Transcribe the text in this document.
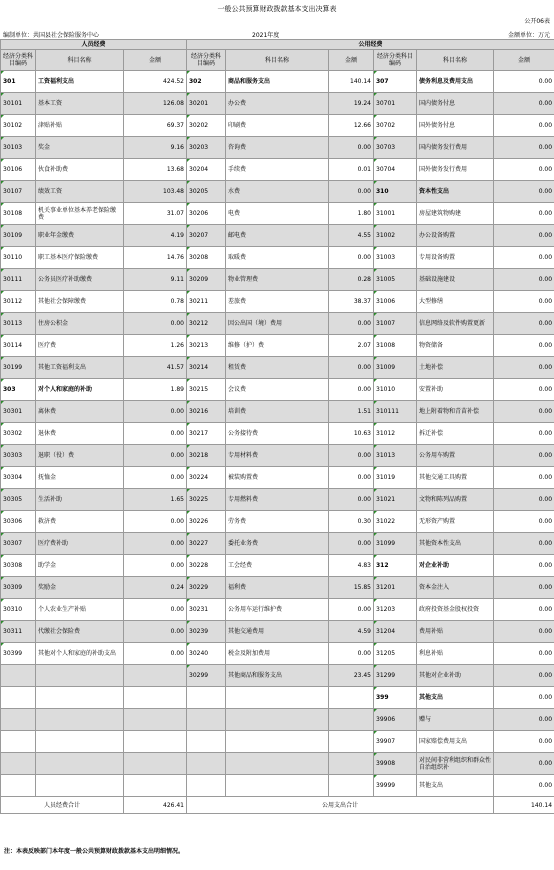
一般公共预算财政拨款基本支出决算表
公开06表
编制单位：共国县社会保险服务中心	2021年度	金额单位：万元
人员经费			公用经费					
经济分类科目编码	科目名称	金额	经济分类科目编码	科目名称	金额	经济分类科目编码	科目名称	金额
301	工资福利支出	424.52	302	商品和服务支出	140.14	307	债务利息及费用支出	0.00
30101	基本工资	126.08	30201	办公费	19.24	30701	国内债务付息	0.00
30102	津贴补贴	69.37	30202	印刷费	12.66	30702	国外债务付息	0.00
30103	奖金	9.16	30203	咨询费	0.00	30703	国内债务发行费用	0.00
30106	伙食补助费	13.68	30204	手续费	0.01	30704	国外债务发行费用	0.00
30107	绩效工资	103.48	30205	水费	0.00	310	资本性支出	0.00
30108	机关事业单位基本养老保险缴费	31.07	30206	电费	1.80	31001	房屋建筑物购建	0.00
30109	职业年金缴费	4.19	30207	邮电费	4.55	31002	办公设备购置	0.00
30110	职工基本医疗保险缴费	14.76	30208	取暖费	0.00	31003	专用设备购置	0.00
30111	公务员医疗补助缴费	9.11	30209	物业管理费	0.28	31005	基础设施建设	0.00
30112	其他社会保障缴费	0.78	30211	差旅费	38.37	31006	大型修缮	0.00
30113	住房公积金	0.00	30212	因公出国（境）费用	0.00	31007	信息网络及软件购置更新	0.00
30114	医疗费	1.26	30213	维修（护）费	2.07	31008	物资储备	0.00
30199	其他工资福利支出	41.57	30214	租赁费	0.00	31009	土地补偿	0.00
303	对个人和家庭的补助	1.89	30215	会议费	0.00	31010	安置补助	0.00
30301	离休费	0.00	30216	培训费	1.51	310111	地上附着物和青苗补偿	0.00
30302	退休费	0.00	30217	公务接待费	10.63	31012	拆迁补偿	0.00
30303	退职（役）费	0.00	30218	专用材料费	0.00	31013	公务用车购置	0.00
30304	抚恤金	0.00	30224	被装购置费	0.00	31019	其他交通工具购置	0.00
30305	生活补助	1.65	30225	专用燃料费	0.00	31021	文物和陈列品购置	0.00
30306	救济费	0.00	30226	劳务费	0.30	31022	无形资产购置	0.00
30307	医疗费补助	0.00	30227	委托业务费	0.00	31099	其他资本性支出	0.00
30308	助学金	0.00	30228	工会经费	4.83	312	对企业补助	0.00
30309	奖励金	0.24	30229	福利费	15.85	31201	资本金注入	0.00
30310	个人农业生产补贴	0.00	30231	公务用车运行维护费	0.00	31203	政府投资基金股权投资	0.00
30311	代缴社会保险费	0.00	30239	其他交通费用	4.59	31204	费用补贴	0.00
30399	其他对个人和家庭的补助支出	0.00	30240	税金及附加费用	0.00	31205	利息补贴	0.00
			30299	其他商品和服务支出	23.45	31299	其他对企业补助	0.00
						399	其他支出	0.00
						39906	赠与	0.00
						39907	国家赔偿费用支出	0.00
						39908	对民间非营利组织和群众性自治组织补	0.00
						39999	其他支出	0.00
人员经费合计		426.41	公用支出合计					140.14
注：本表反映部门本年度一般公共预算财政拨款基本支出明细情况。
